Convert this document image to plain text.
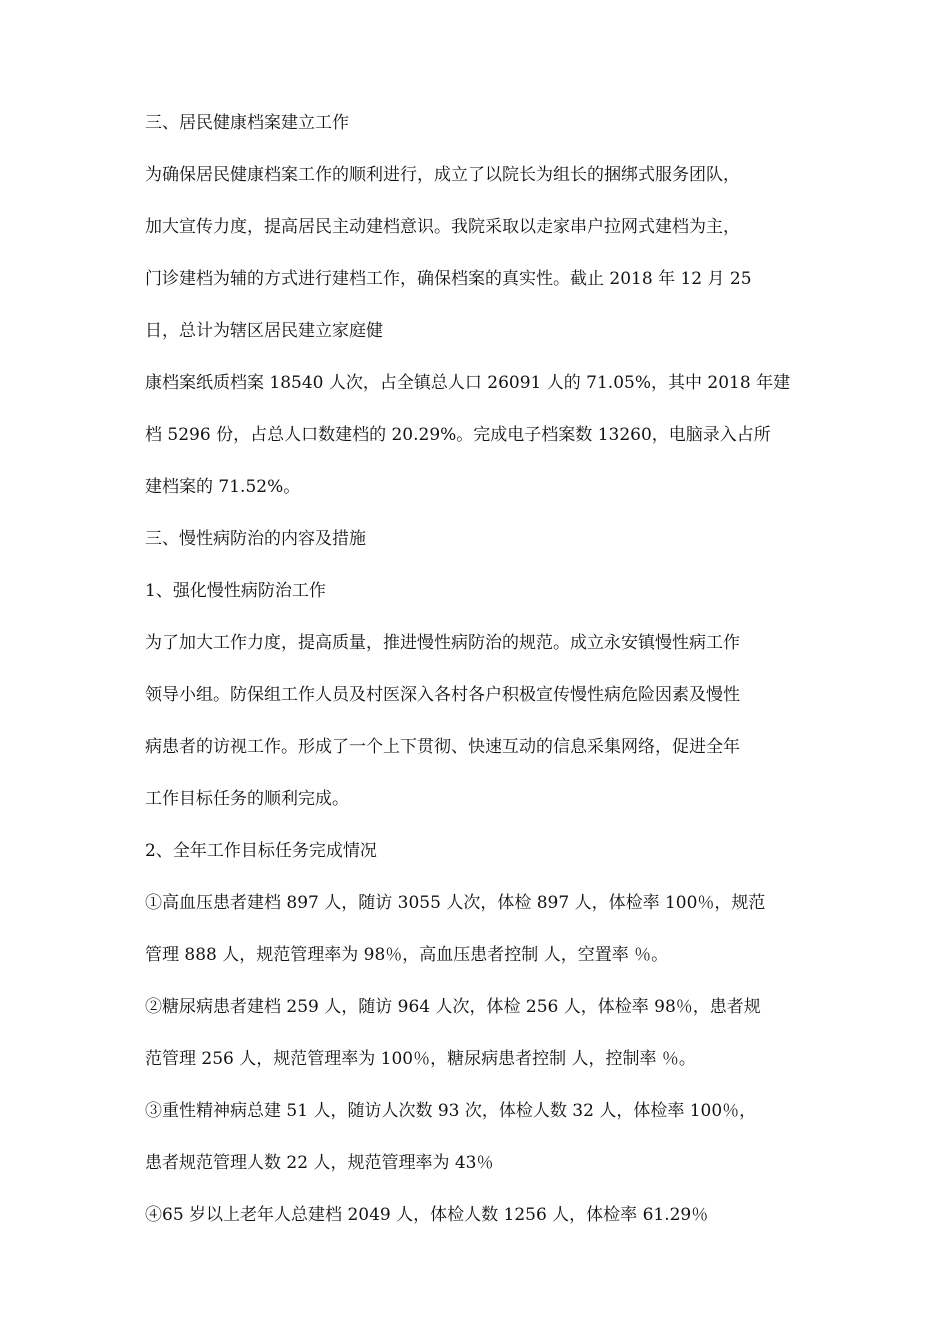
三、居民健康档案建立工作
为确保居民健康档案工作的顺利进行，成立了以院长为组长的捆绑式服务团队，
加大宣传力度，提高居民主动建档意识。我院采取以走家串户拉网式建档为主，
门诊建档为辅的方式进行建档工作，确保档案的真实性。截止 2018 年 12 月 25
日，总计为辖区居民建立家庭健
康档案纸质档案 18540 人次，占全镇总人口 26091 人的 71.05%，其中 2018 年建
档 5296 份，占总人口数建档的 20.29%。完成电子档案数 13260，电脑录入占所
建档案的 71.52%。
三、慢性病防治的内容及措施
1、强化慢性病防治工作
为了加大工作力度，提高质量，推进慢性病防治的规范。成立永安镇慢性病工作
领导小组。防保组工作人员及村医深入各村各户积极宣传慢性病危险因素及慢性
病患者的访视工作。形成了一个上下贯彻、快速互动的信息采集网络，促进全年
工作目标任务的顺利完成。
2、全年工作目标任务完成情况
①高血压患者建档 897 人，随访 3055 人次，体检 897 人，体检率 100％，规范
管理 888 人，规范管理率为 98％，高血压患者控制 人，空置率 ％。
②糖尿病患者建档 259 人，随访 964 人次，体检 256 人，体检率 98％，患者规
范管理 256 人，规范管理率为 100％，糖尿病患者控制 人，控制率 ％。
③重性精神病总建 51 人，随访人次数 93 次，体检人数 32 人，体检率 100％，
患者规范管理人数 22 人，规范管理率为 43％
④65 岁以上老年人总建档 2049 人，体检人数 1256 人，体检率 61.29％
